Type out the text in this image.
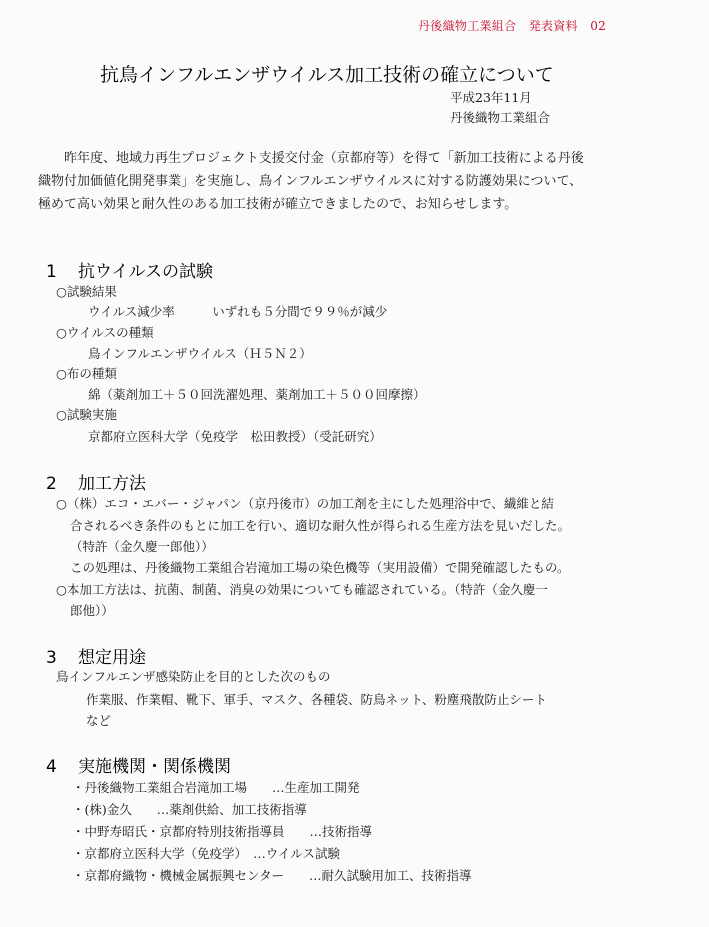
丹後織物工業組合　発表資料　02
抗鳥インフルエンザウイルス加工技術の確立について
平成23年11月
丹後織物工業組合

昨年度、地域力再生プロジェクト支援交付金（京都府等）を得て「新加工技術による丹後

織物付加価値化開発事業」を実施し、鳥インフルエンザウイルスに対する防護効果について、

極めて高い効果と耐久性のある加工技術が確立できましたので、お知らせします。

1 抗ウイルスの試験
○試験結果
ウイルス減少率　　　いずれも５分間で９９％が減少
○ウイルスの種類
鳥インフルエンザウイルス（Ｈ５Ｎ２）
○布の種類
綿（薬剤加工＋５０回洗濯処理、薬剤加工＋５００回摩擦）
○試験実施
京都府立医科大学（免疫学　松田教授）（受託研究）
2 加工方法
○（株）エコ・エバー・ジャパン（京丹後市）の加工剤を主にした処理浴中で、繊維と結
合されるべき条件のもとに加工を行い、適切な耐久性が得られる生産方法を見いだした。
（特許（金久慶一郎他））
この処理は、丹後織物工業組合岩滝加工場の染色機等（実用設備）で開発確認したもの。
○本加工方法は、抗菌、制菌、消臭の効果についても確認されている。（特許（金久慶一
郎他））
3 想定用途
鳥インフルエンザ感染防止を目的とした次のもの
作業服、作業帽、靴下、軍手、マスク、各種袋、防鳥ネット、粉塵飛散防止シート
など
4 実施機関・関係機関
・丹後織物工業組合岩滝加工場　　…生産加工開発
・(株)金久　　…薬剤供給、加工技術指導
・中野寿昭氏・京都府特別技術指導員　　…技術指導
・京都府立医科大学（免疫学）　…ウイルス試験
・京都府織物・機械金属振興センター　　…耐久試験用加工、技術指導
